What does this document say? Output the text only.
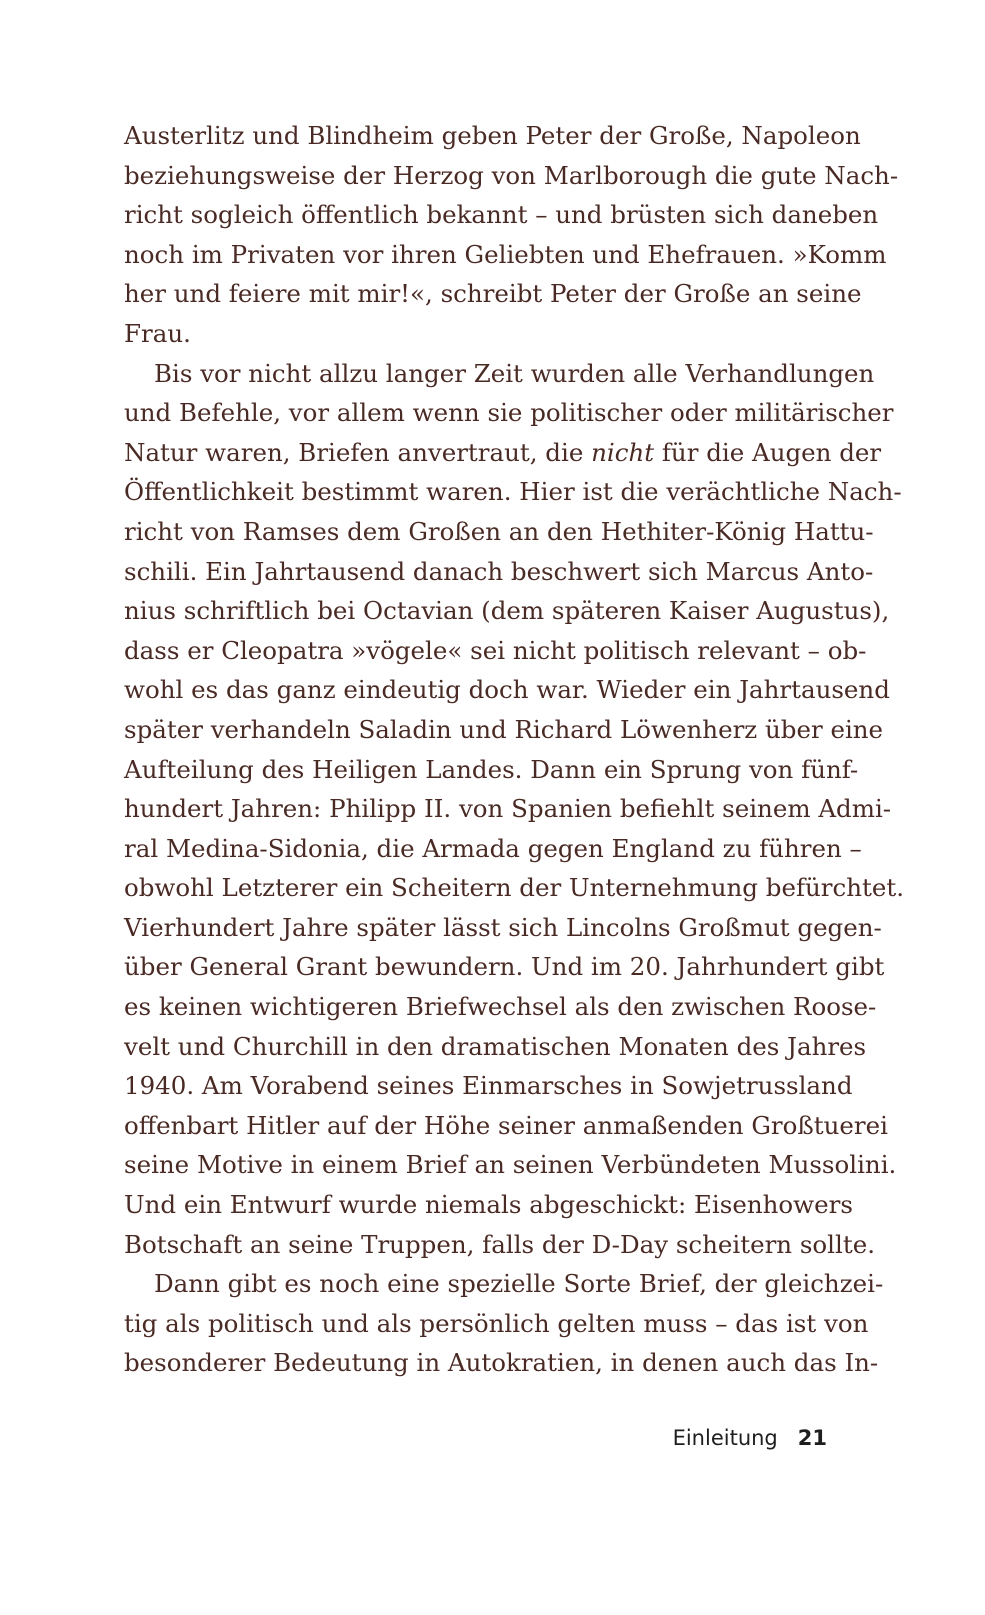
Austerlitz und Blindheim geben Peter der Große, Napoleon
beziehungsweise der Herzog von Marlborough die gute Nach-
richt sogleich öffentlich bekannt – und brüsten sich daneben
noch im Privaten vor ihren Geliebten und Ehefrauen. »Komm
her und feiere mit mir!«, schreibt Peter der Große an seine
Frau.
Bis vor nicht allzu langer Zeit wurden alle Verhandlungen
und Befehle, vor allem wenn sie politischer oder militärischer
Natur waren, Briefen anvertraut, die nicht für die Augen der
Öffentlichkeit bestimmt waren. Hier ist die verächtliche Nach-
richt von Ramses dem Großen an den Hethiter-König Hattu-
schili. Ein Jahrtausend danach beschwert sich Marcus Anto-
nius schriftlich bei Octavian (dem späteren Kaiser Augustus),
dass er Cleopatra »vögele« sei nicht politisch relevant – ob-
wohl es das ganz eindeutig doch war. Wieder ein Jahrtausend
später verhandeln Saladin und Richard Löwenherz über eine
Aufteilung des Heiligen Landes. Dann ein Sprung von fünf-
hundert Jahren: Philipp II. von Spanien befiehlt seinem Admi-
ral Medina-Sidonia, die Armada gegen England zu führen –
obwohl Letzterer ein Scheitern der Unternehmung befürchtet.
Vierhundert Jahre später lässt sich Lincolns Großmut gegen-
über General Grant bewundern. Und im 20. Jahrhundert gibt
es keinen wichtigeren Briefwechsel als den zwischen Roose-
velt und Churchill in den dramatischen Monaten des Jahres
1940. Am Vorabend seines Einmarsches in Sowjetrussland
offenbart Hitler auf der Höhe seiner anmaßenden Großtuerei
seine Motive in einem Brief an seinen Verbündeten Mussolini.
Und ein Entwurf wurde niemals abgeschickt: Eisenhowers
Botschaft an seine Truppen, falls der D-Day scheitern sollte.
Dann gibt es noch eine spezielle Sorte Brief, der gleichzei-
tig als politisch und als persönlich gelten muss – das ist von
besonderer Bedeutung in Autokratien, in denen auch das In-
Einleitung 21
